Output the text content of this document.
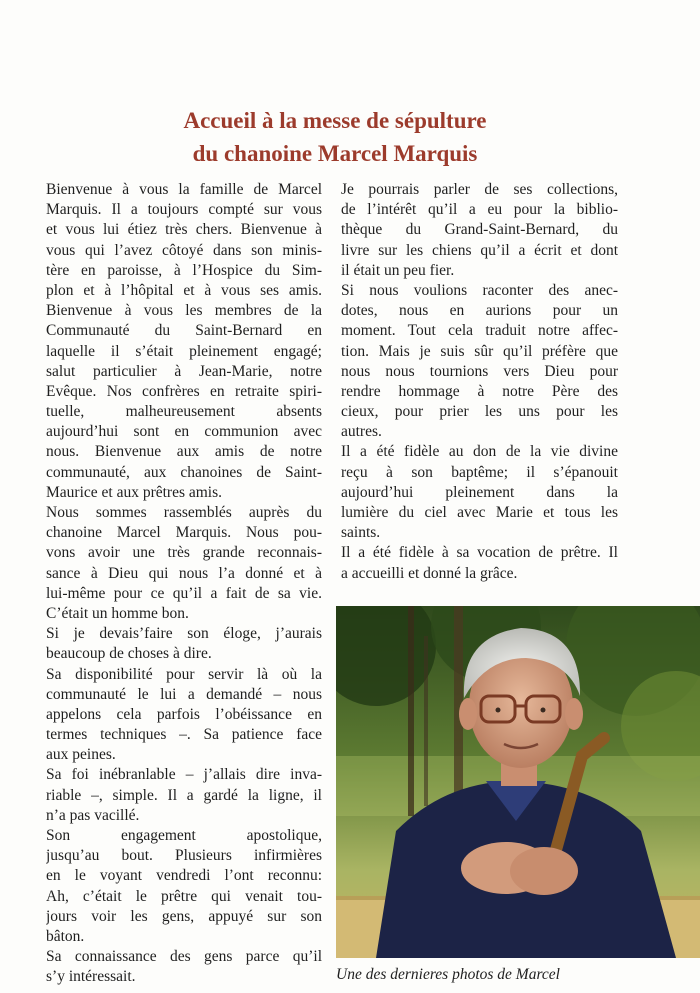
Accueil à la messe de sépulture
du chanoine Marcel Marquis
Bienvenue à vous la famille de Marcel
Marquis. Il a toujours compté sur vous
et vous lui étiez très chers. Bienvenue à
vous qui l’avez côtoyé dans son minis-
tère en paroisse, à l’Hospice du Sim-
plon et à l’hôpital et à vous ses amis.
Bienvenue à vous les membres de la
Communauté du Saint-Bernard en
laquelle il s’était pleinement engagé;
salut particulier à Jean-Marie, notre
Evêque. Nos confrères en retraite spiri-
tuelle, malheureusement absents
aujourd’hui sont en communion avec
nous. Bienvenue aux amis de notre
communauté, aux chanoines de Saint-
Maurice et aux prêtres amis.
Nous sommes rassemblés auprès du
chanoine Marcel Marquis. Nous pou-
vons avoir une très grande reconnais-
sance à Dieu qui nous l’a donné et à
lui-même pour ce qu’il a fait de sa vie.
C’était un homme bon.
Si je devais’faire son éloge, j’aurais
beaucoup de choses à dire.
Sa disponibilité pour servir là où la
communauté le lui a demandé – nous
appelons cela parfois l’obéissance en
termes techniques –. Sa patience face
aux peines.
Sa foi inébranlable – j’allais dire inva-
riable –, simple. Il a gardé la ligne, il
n’a pas vacillé.
Son engagement apostolique,
jusqu’au bout. Plusieurs infirmières
en le voyant vendredi l’ont reconnu:
Ah, c’était le prêtre qui venait tou-
jours voir les gens, appuyé sur son
bâton.
Sa connaissance des gens parce qu’il
s’y intéressait.
Je pourrais parler de ses collections,
de l’intérêt qu’il a eu pour la biblio-
thèque du Grand-Saint-Bernard, du
livre sur les chiens qu’il a écrit et dont
il était un peu fier.
Si nous voulions raconter des anec-
dotes, nous en aurions pour un
moment. Tout cela traduit notre affec-
tion. Mais je suis sûr qu’il préfère que
nous nous tournions vers Dieu pour
rendre hommage à notre Père des
cieux, pour prier les uns pour les
autres.
Il a été fidèle au don de la vie divine
reçu à son baptême; il s’épanouit
aujourd’hui pleinement dans la
lumière du ciel avec Marie et tous les
saints.
Il a été fidèle à sa vocation de prêtre. Il
a accueilli et donné la grâce.
Une des dernieres photos de Marcel
